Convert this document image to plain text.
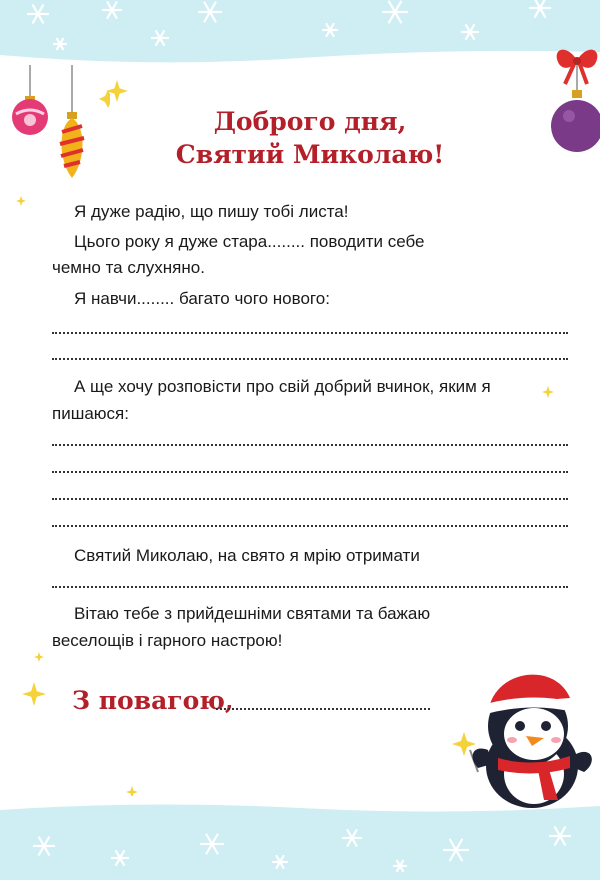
Доброго дня,
Святий Миколаю!
Я дуже радію, що пишу тобі листа!
Цього року я дуже стара........ поводити себе
чемно та слухняно.
Я навчи........ багато чого нового:
А ще хочу розповісти про свій добрий вчинок, яким я
пишаюся:
Святий Миколаю, на свято я мрію отримати
Вітаю тебе з прийдешніми святами та бажаю
веселощів і гарного настрою!
З повагою,
